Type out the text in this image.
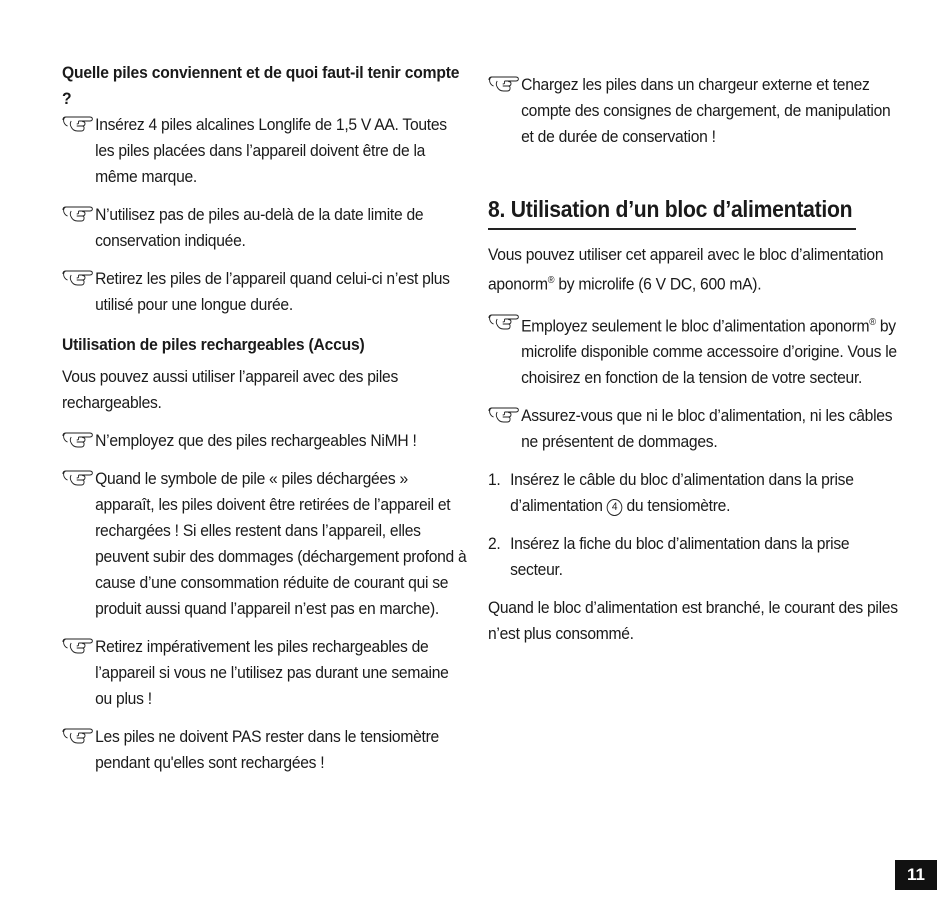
Quelle piles conviennent et de quoi faut-il tenir compte ?

Insérez 4 piles alcalines Longlife de 1,5 V AA. Toutes les piles placées dans l’appareil doivent être de la même marque.

N’utilisez pas de piles au-delà de la date limite de conservation indiquée.

Retirez les piles de l’appareil quand celui-ci n’est plus utilisé pour une longue durée.

Utilisation de piles rechargeables (Accus)

Vous pouvez aussi utiliser l’appareil avec des piles rechargeables.

N’employez que des piles rechargeables NiMH !

Quand le symbole de pile « piles déchargées » apparaît, les piles doivent être retirées de l’appareil et rechargées ! Si elles restent dans l’appareil, elles peuvent subir des dommages (déchargement profond à cause d’une consommation réduite de courant qui se produit aussi quand l’appareil n’est pas en marche).

Retirez impérativement les piles rechargeables de l’appareil si vous ne l’utilisez pas durant une semaine ou plus !

Les piles ne doivent PAS rester dans le tensiomètre pendant qu'elles sont rechargées !

Chargez les piles dans un chargeur externe et tenez compte des consignes de chargement, de manipulation et de durée de conservation !

8. Utilisation d’un bloc d’alimentation

Vous pouvez utiliser cet appareil avec le bloc d’alimentation aponorm® by microlife (6 V DC, 600 mA).

Employez seulement le bloc d’alimentation aponorm® by microlife disponible comme accessoire d’origine. Vous le choisirez en fonction de la tension de votre secteur.

Assurez-vous que ni le bloc d’alimentation, ni les câbles ne présentent de dommages.

1. Insérez le câble du bloc d’alimentation dans la prise d’alimentation 4 du tensiomètre.

2. Insérez la fiche du bloc d’alimentation dans la prise secteur.

Quand le bloc d’alimentation est branché, le courant des piles n’est plus consommé.

11
